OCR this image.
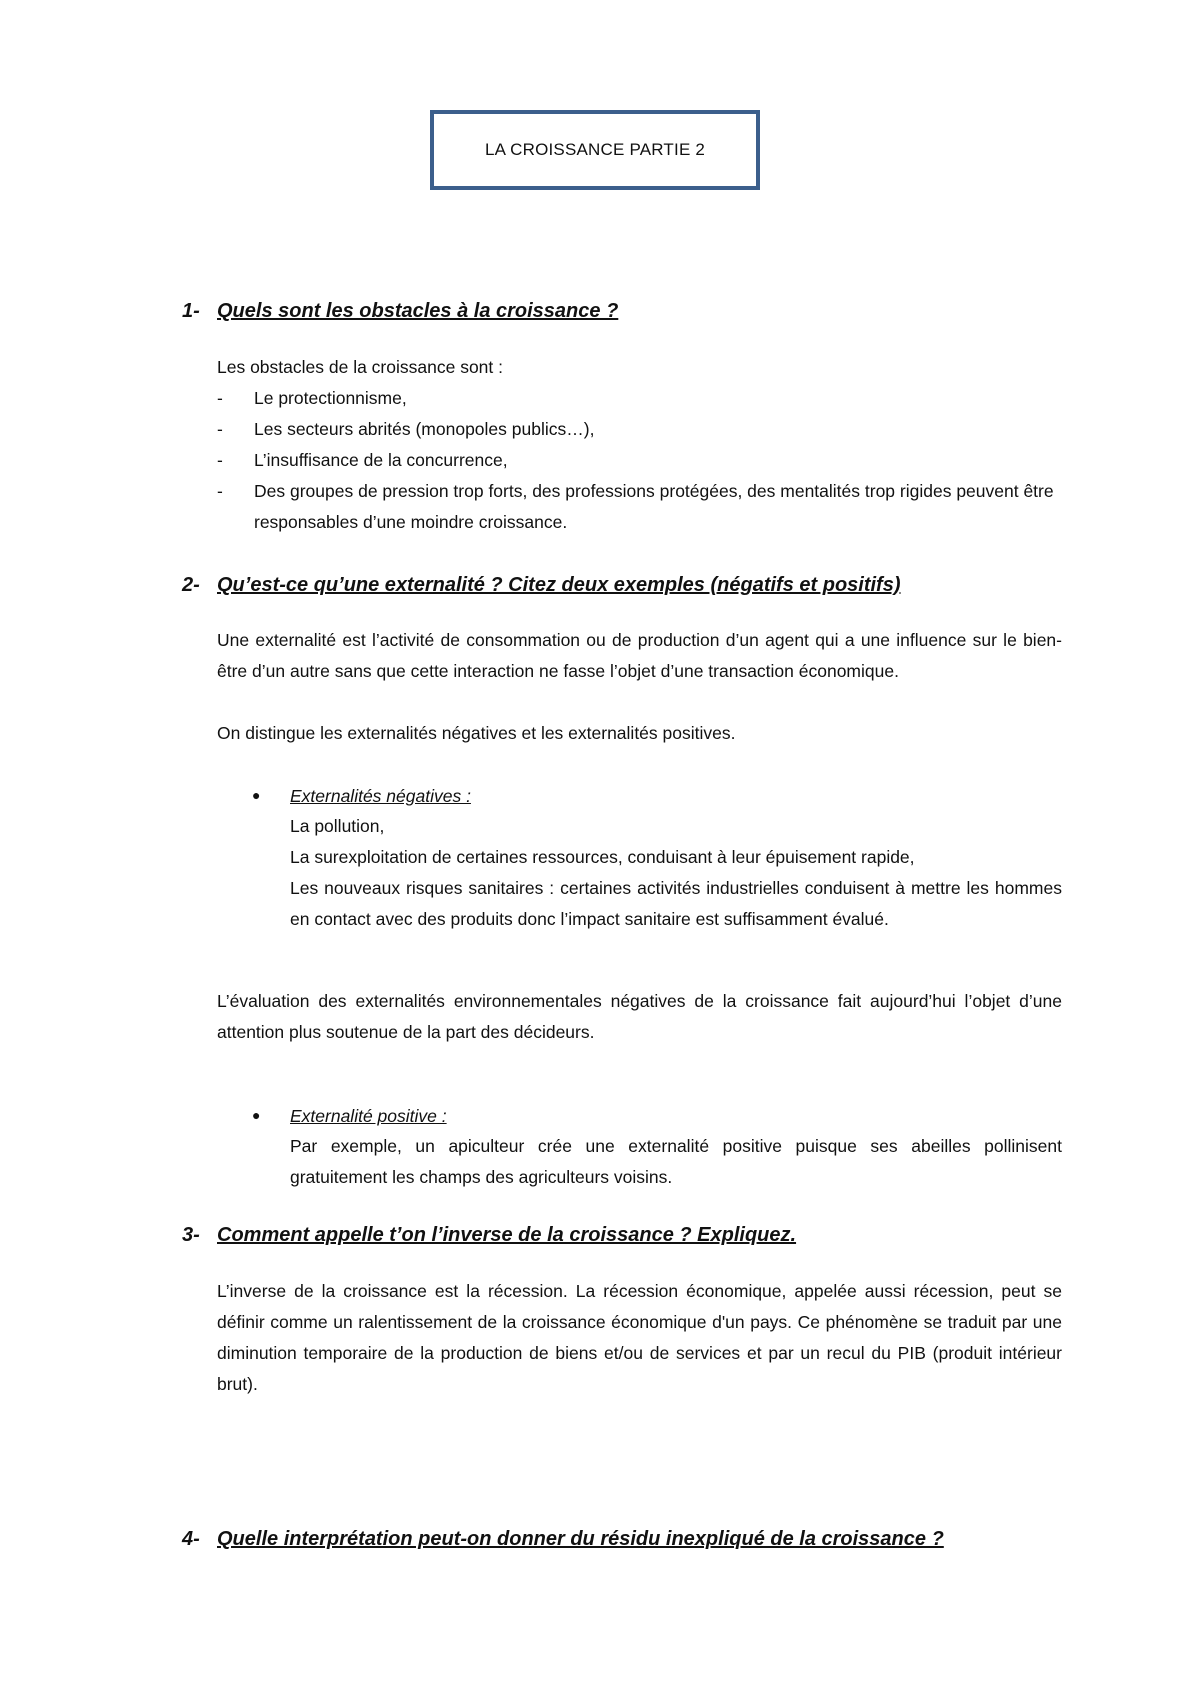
LA CROISSANCE PARTIE 2
1- Quels sont les obstacles à la croissance ?
Les obstacles de la croissance sont :
- Le protectionnisme,
- Les secteurs abrités (monopoles publics…),
- L’insuffisance de la concurrence,
- Des groupes de pression trop forts, des professions protégées, des mentalités trop rigides peuvent être responsables d’une moindre croissance.
2- Qu’est-ce qu’une externalité ? Citez deux exemples (négatifs et positifs)
Une externalité est l’activité de consommation ou de production d’un agent qui a une influence sur le bien-être d’un autre sans que cette interaction ne fasse l’objet d’une transaction économique.
On distingue les externalités négatives et les externalités positives.
● Externalités négatives :
La pollution,
La surexploitation de certaines ressources, conduisant à leur épuisement rapide,
Les nouveaux risques sanitaires : certaines activités industrielles conduisent à mettre les hommes en contact avec des produits donc l’impact sanitaire est suffisamment évalué.
L’évaluation des externalités environnementales négatives de la croissance fait aujourd’hui l’objet d’une attention plus soutenue de la part des décideurs.
● Externalité positive :
Par exemple, un apiculteur crée une externalité positive puisque ses abeilles pollinisent gratuitement les champs des agriculteurs voisins.
3- Comment appelle t’on l’inverse de la croissance ? Expliquez.
L’inverse de la croissance est la récession. La récession économique, appelée aussi récession, peut se définir comme un ralentissement de la croissance économique d'un pays. Ce phénomène se traduit par une diminution temporaire de la production de biens et/ou de services et par un recul du PIB (produit intérieur brut).
4- Quelle interprétation peut-on donner du résidu inexpliqué de la croissance ?
